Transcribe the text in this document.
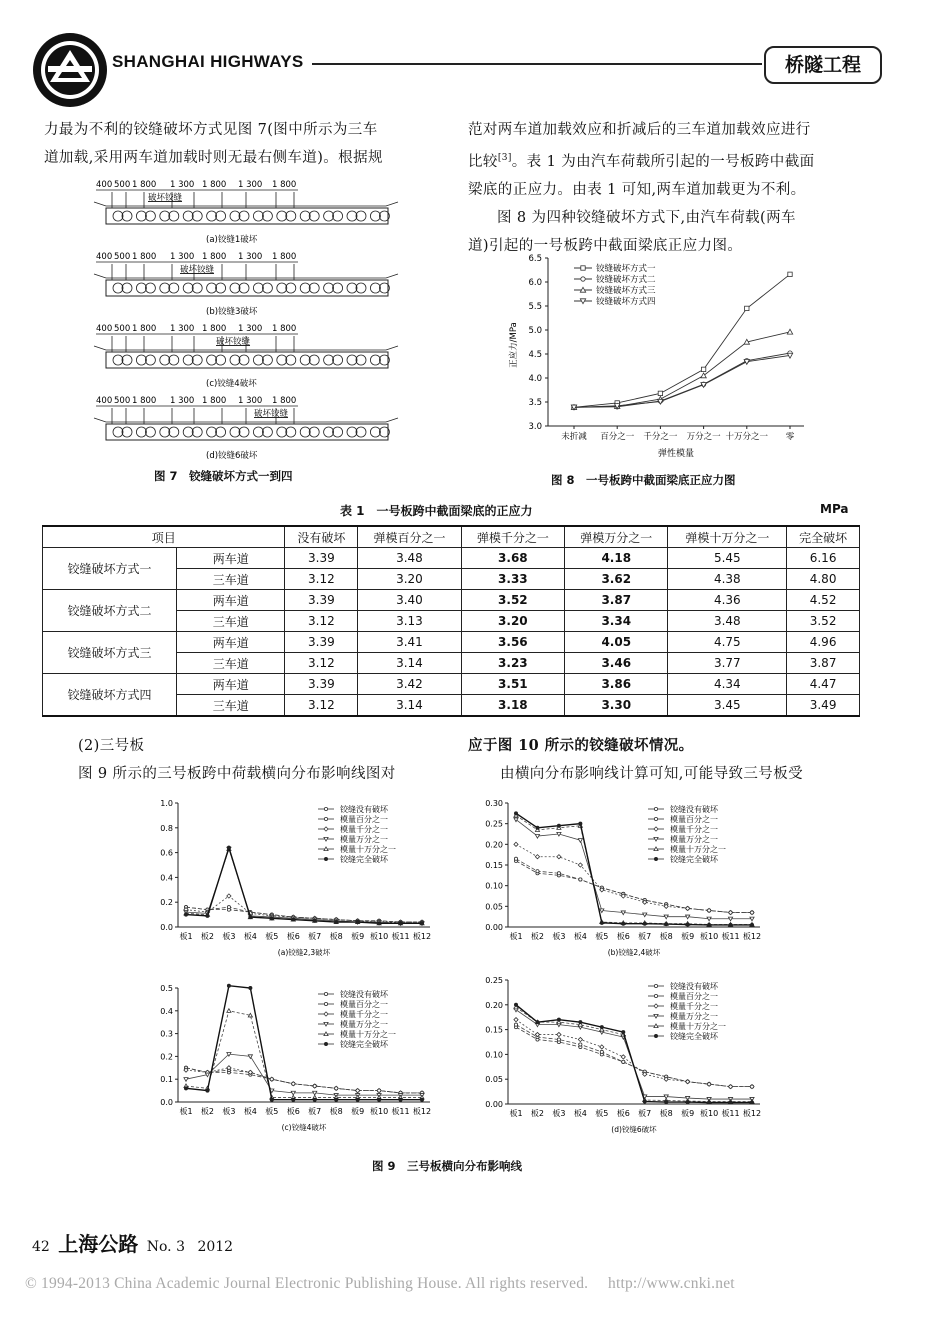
SHANGHAI HIGHWAYS	桥隧工程
力最为不利的铰缝破坏方式见图 7(图中所示为三车
道加载,采用两车道加载时则无最右侧车道)。根据规
范对两车道加载效应和折减后的三车道加载效应进行
比较[3]。表 1 为由汽车荷载所引起的一号板跨中截面
梁底的正应力。由表 1 可知,两车道加载更为不利。
图 8 为四种铰缝破坏方式下,由汽车荷载(两车
道)引起的一号板跨中截面梁底正应力图。
400 500 1 800 1 300 1 800 1 300 1 800
破坏铰缝
(a)铰缝1破坏
400 500 1 800 1 300 1 800 1 300 1 800
破坏铰缝
(b)铰缝3破坏
400 500 1 800 1 300 1 800 1 300 1 800
破坏铰缝
(c)铰缝4破坏
400 500 1 800 1 300 1 800 1 300 1 800
破坏铰缝
(d)铰缝6破坏
图 7　铰缝破坏方式一到四
3.0
3.5
4.0
4.5
5.0
5.5
6.0
6.5
未折减 百分之一 千分之一 万分之一 十万分之一 零
弹性模量
正应力/MPa
铰缝破坏方式一
铰缝破坏方式二
铰缝破坏方式三
铰缝破坏方式四
图 8　一号板跨中截面梁底正应力图
表 1　一号板跨中截面梁底的正应力	MPa
项目		没有破坏	弹模百分之一	弹模千分之一	弹模万分之一	弹模十万分之一	完全破坏
铰缝破坏方式一	两车道	3.39	3.48	3.68	4.18	5.45	6.16
	三车道	3.12	3.20	3.33	3.62	4.38	4.80
铰缝破坏方式二	两车道	3.39	3.40	3.52	3.87	4.36	4.52
	三车道	3.12	3.13	3.20	3.34	3.48	3.52
铰缝破坏方式三	两车道	3.39	3.41	3.56	4.05	4.75	4.96
	三车道	3.12	3.14	3.23	3.46	3.77	3.87
铰缝破坏方式四	两车道	3.39	3.42	3.51	3.86	4.34	4.47
	三车道	3.12	3.14	3.18	3.30	3.45	3.49
(2)三号板
图 9 所示的三号板跨中荷载横向分布影响线图对
应于图 10 所示的铰缝破坏情况。
由横向分布影响线计算可知,可能导致三号板受
0.0
0.2
0.4
0.6
0.8
1.0
板1 板2 板3 板4 板5 板6 板7 板8 板9 板10 板11 板12
(a)铰缝2,3破坏
铰缝没有破坏
模量百分之一
模量千分之一
模量万分之一
模量十万分之一
铰缝完全破坏
0.00
0.05
0.10
0.15
0.20
0.25
0.30
板1 板2 板3 板4 板5 板6 板7 板8 板9 板10 板11 板12
(b)铰缝2,4破坏
铰缝没有破坏
模量百分之一
模量千分之一
模量万分之一
模量十万分之一
铰缝完全破坏
0.0
0.1
0.2
0.3
0.4
0.5
板1 板2 板3 板4 板5 板6 板7 板8 板9 板10 板11 板12
(c)铰缝4破坏
铰缝没有破坏
模量百分之一
模量千分之一
模量万分之一
模量十万分之一
铰缝完全破坏
0.00
0.05
0.10
0.15
0.20
0.25
板1 板2 板3 板4 板5 板6 板7 板8 板9 板10 板11 板12
(d)铰缝6破坏
铰缝没有破坏
模量百分之一
模量千分之一
模量万分之一
模量十万分之一
铰缝完全破坏
图 9　三号板横向分布影响线
42 上海公路 No. 3 2012
© 1994-2013 China Academic Journal Electronic Publishing House. All rights reserved.　 http://www.cnki.net
